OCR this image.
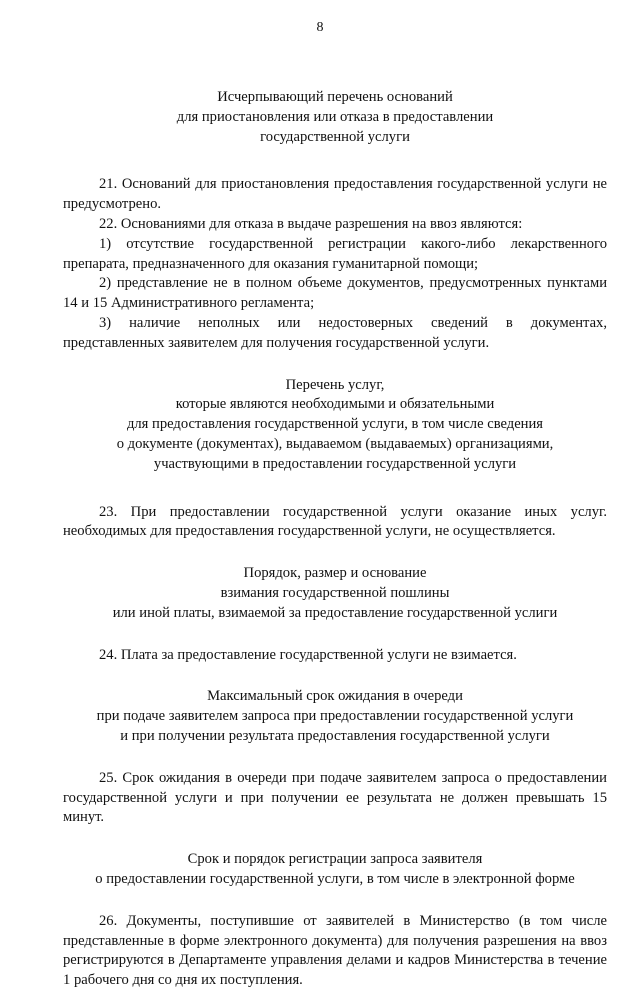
8
Исчерпывающий перечень оснований
для приостановления или отказа в предоставлении
государственной услуги

21. Оснований для приостановления предоставления государственной услуги не предусмотрено.

22. Основаниями для отказа в выдаче разрешения на ввоз являются:

1) отсутствие государственной регистрации какого-либо лекарственного препарата, предназначенного для оказания гуманитарной помощи;

2) представление не в полном объеме документов, предусмотренных пунктами 14 и 15 Административного регламента;

3) наличие неполных или недостоверных сведений в документах, представленных заявителем для получения государственной услуги.

Перечень услуг,
которые являются необходимыми и обязательными
для предоставления государственной услуги, в том числе сведения
о документе (документах), выдаваемом (выдаваемых) организациями,
участвующими в предоставлении государственной услуги

23. При предоставлении государственной услуги оказание иных услуг. необходимых для предоставления государственной услуги, не осуществляется.

Порядок, размер и основание
взимания государственной пошлины
или иной платы, взимаемой за предоставление государственной услиги

24. Плата за предоставление государственной услуги не взимается.

Максимальный срок ожидания в очереди
при подаче заявителем запроса при предоставлении государственной услуги
и при получении результата предоставления государственной услуги

25. Срок ожидания в очереди при подаче заявителем запроса о предоставлении государственной услуги и при получении ее результата не должен превышать 15 минут.

Срок и порядок регистрации запроса заявителя
о предоставлении государственной услуги, в том числе в электронной форме

26. Документы, поступившие от заявителей в Министерство (в том числе представленные в форме электронного документа) для получения разрешения на ввоз регистрируются в Департаменте управления делами и кадров Министерства в течение 1 рабочего дня со дня их поступления.
